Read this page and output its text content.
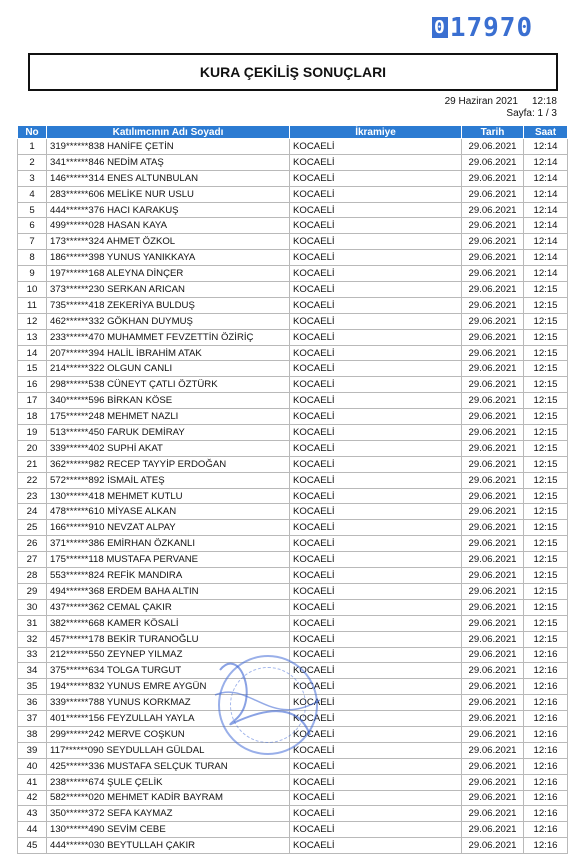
0 17970
KURA ÇEKİLİŞ SONUÇLARI
29 Haziran 2021 12:18
Sayfa: 1 / 3
No	Katılımcının Adı Soyadı	İkramiye	Tarih	Saat
1	319******838 HANİFE ÇETİN	KOCAELİ	29.06.2021	12:14
2	341******846 NEDİM ATAŞ	KOCAELİ	29.06.2021	12:14
3	146******314 ENES ALTUNBULAN	KOCAELİ	29.06.2021	12:14
4	283******606 MELİKE NUR USLU	KOCAELİ	29.06.2021	12:14
5	444******376 HACI KARAKUŞ	KOCAELİ	29.06.2021	12:14
6	499******028 HASAN KAYA	KOCAELİ	29.06.2021	12:14
7	173******324 AHMET ÖZKOL	KOCAELİ	29.06.2021	12:14
8	186******398 YUNUS YANIKKAYA	KOCAELİ	29.06.2021	12:14
9	197******168 ALEYNA DİNÇER	KOCAELİ	29.06.2021	12:14
10	373******230 SERKAN ARICAN	KOCAELİ	29.06.2021	12:15
11	735******418 ZEKERİYA BULDUŞ	KOCAELİ	29.06.2021	12:15
12	462******332 GÖKHAN DUYMUŞ	KOCAELİ	29.06.2021	12:15
13	233******470 MUHAMMET FEVZETTİN ÖZİRİÇ	KOCAELİ	29.06.2021	12:15
14	207******394 HALİL İBRAHİM ATAK	KOCAELİ	29.06.2021	12:15
15	214******322 OLGUN CANLI	KOCAELİ	29.06.2021	12:15
16	298******538 CÜNEYT ÇATLI ÖZTÜRK	KOCAELİ	29.06.2021	12:15
17	340******596 BİRKAN KÖSE	KOCAELİ	29.06.2021	12:15
18	175******248 MEHMET NAZLI	KOCAELİ	29.06.2021	12:15
19	513******450 FARUK DEMİRAY	KOCAELİ	29.06.2021	12:15
20	339******402 SUPHİ AKAT	KOCAELİ	29.06.2021	12:15
21	362******982 RECEP TAYYİP ERDOĞAN	KOCAELİ	29.06.2021	12:15
22	572******892 İSMAİL ATEŞ	KOCAELİ	29.06.2021	12:15
23	130******418 MEHMET KUTLU	KOCAELİ	29.06.2021	12:15
24	478******610 MİYASE ALKAN	KOCAELİ	29.06.2021	12:15
25	166******910 NEVZAT ALPAY	KOCAELİ	29.06.2021	12:15
26	371******386 EMİRHAN ÖZKANLI	KOCAELİ	29.06.2021	12:15
27	175******118 MUSTAFA PERVANE	KOCAELİ	29.06.2021	12:15
28	553******824 REFİK MANDIRA	KOCAELİ	29.06.2021	12:15
29	494******368 ERDEM BAHA ALTIN	KOCAELİ	29.06.2021	12:15
30	437******362 CEMAL ÇAKIR	KOCAELİ	29.06.2021	12:15
31	382******668 KAMER KÖSALİ	KOCAELİ	29.06.2021	12:15
32	457******178 BEKİR TURANOĞLU	KOCAELİ	29.06.2021	12:15
33	212******550 ZEYNEP YILMAZ	KOCAELİ	29.06.2021	12:16
34	375******634 TOLGA TURGUT	KOCAELİ	29.06.2021	12:16
35	194******832 YUNUS EMRE AYGÜN	KOCAELİ	29.06.2021	12:16
36	339******788 YUNUS KORKMAZ	KOCAELİ	29.06.2021	12:16
37	401******156 FEYZULLAH YAYLA	KOCAELİ	29.06.2021	12:16
38	299******242 MERVE COŞKUN	KOCAELİ	29.06.2021	12:16
39	117******090 SEYDULLAH GÜLDAL	KOCAELİ	29.06.2021	12:16
40	425******336 MUSTAFA SELÇUK TURAN	KOCAELİ	29.06.2021	12:16
41	238******674 ŞULE ÇELİK	KOCAELİ	29.06.2021	12:16
42	582******020 MEHMET KADİR BAYRAM	KOCAELİ	29.06.2021	12:16
43	350******372 SEFA KAYMAZ	KOCAELİ	29.06.2021	12:16
44	130******490 SEVİM CEBE	KOCAELİ	29.06.2021	12:16
45	444******030 BEYTULLAH ÇAKIR	KOCAELİ	29.06.2021	12:16
